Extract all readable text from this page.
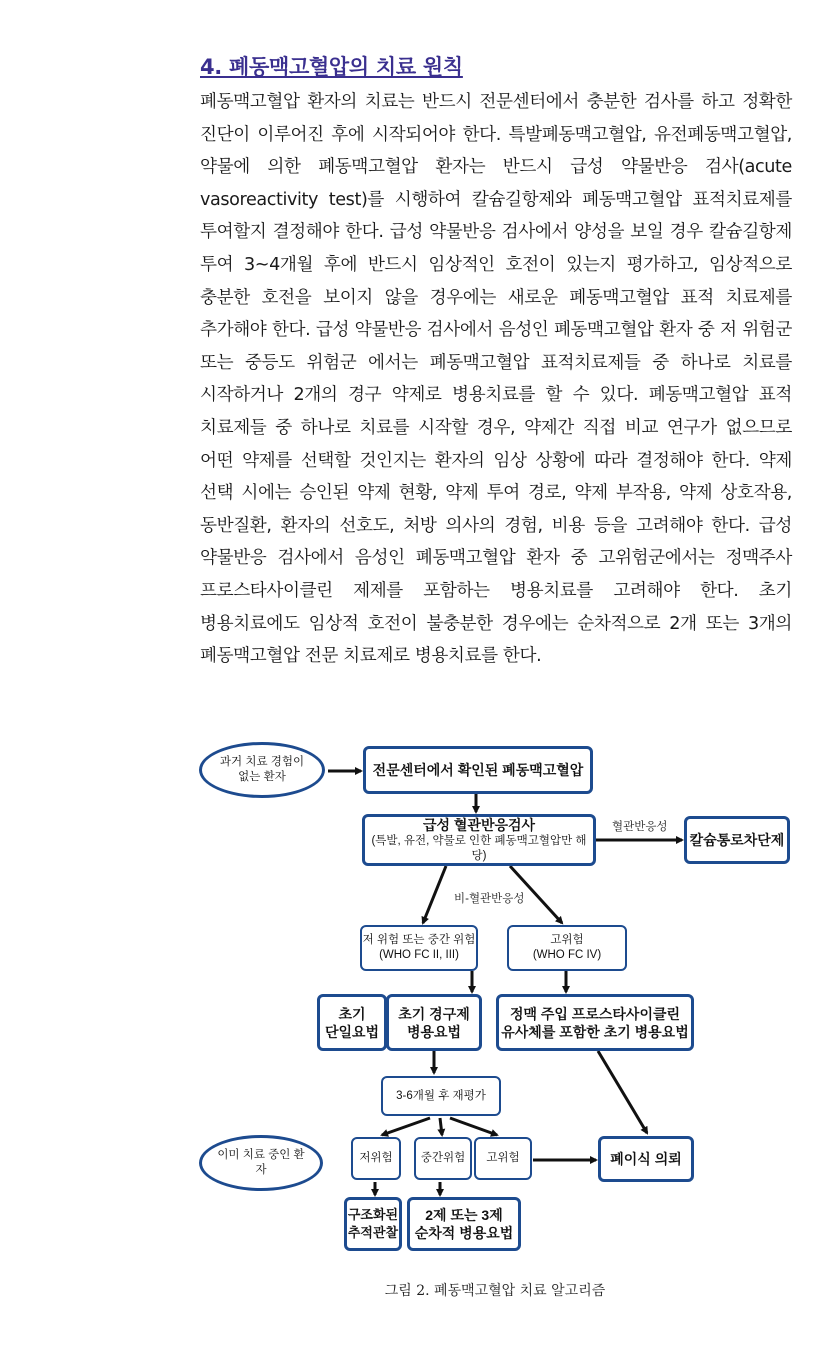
4. 폐동맥고혈압의 치료 원칙

폐동맥고혈압 환자의 치료는 반드시 전문센터에서 충분한 검사를 하고 정확한 진단이 이루어진 후에 시작되어야 한다. 특발폐동맥고혈압, 유전폐동맥고혈압, 약물에 의한 폐동맥고혈압 환자는 반드시 급성 약물반응 검사(acute vasoreactivity test)를 시행하여 칼슘길항제와 폐동맥고혈압 표적치료제를 투여할지 결정해야 한다. 급성 약물반응 검사에서 양성을 보일 경우 칼슘길항제 투여 3~4개월 후에 반드시 임상적인 호전이 있는지 평가하고, 임상적으로 충분한 호전을 보이지 않을 경우에는 새로운 폐동맥고혈압 표적 치료제를 추가해야 한다. 급성 약물반응 검사에서 음성인 폐동맥고혈압 환자 중 저 위험군 또는 중등도 위험군 에서는 폐동맥고혈압 표적치료제들 중 하나로 치료를 시작하거나 2개의 경구 약제로 병용치료를 할 수 있다. 폐동맥고혈압 표적 치료제들 중 하나로 치료를 시작할 경우, 약제간 직접 비교 연구가 없으므로 어떤 약제를 선택할 것인지는 환자의 임상 상황에 따라 결정해야 한다. 약제 선택 시에는 승인된 약제 현황, 약제 투여 경로, 약제 부작용, 약제 상호작용, 동반질환, 환자의 선호도, 처방 의사의 경험, 비용 등을 고려해야 한다. 급성 약물반응 검사에서 음성인 폐동맥고혈압 환자 중 고위험군에서는 정맥주사 프로스타사이클린 제제를 포함하는 병용치료를 고려해야 한다. 초기 병용치료에도 임상적 호전이 불충분한 경우에는 순차적으로 2개 또는 3개의 폐동맥고혈압 전문 치료제로 병용치료를 한다.

과거 치료 경험이 없는 환자	전문센터에서 확인된 폐동맥고혈압
급성 혈관반응검사
(특발, 유전, 약물로 인한 폐동맥고혈압만 해당)
혈관반응성
칼슘통로차단제
비-혈관반응성
저 위험 또는 중간 위험
(WHO FC II, III)
고위험
(WHO FC IV)
초기
단일요법
초기 경구제
병용요법
정맥 주입 프로스타사이클린
유사체를 포함한 초기 병용요법
3-6개월 후 재평가
이미 치료 중인 환자
저위험 중간위험 고위험	폐이식 의뢰
구조화된
추적관찰
2제 또는 3제
순차적 병용요법
그림 2. 폐동맥고혈압 치료 알고리즘
